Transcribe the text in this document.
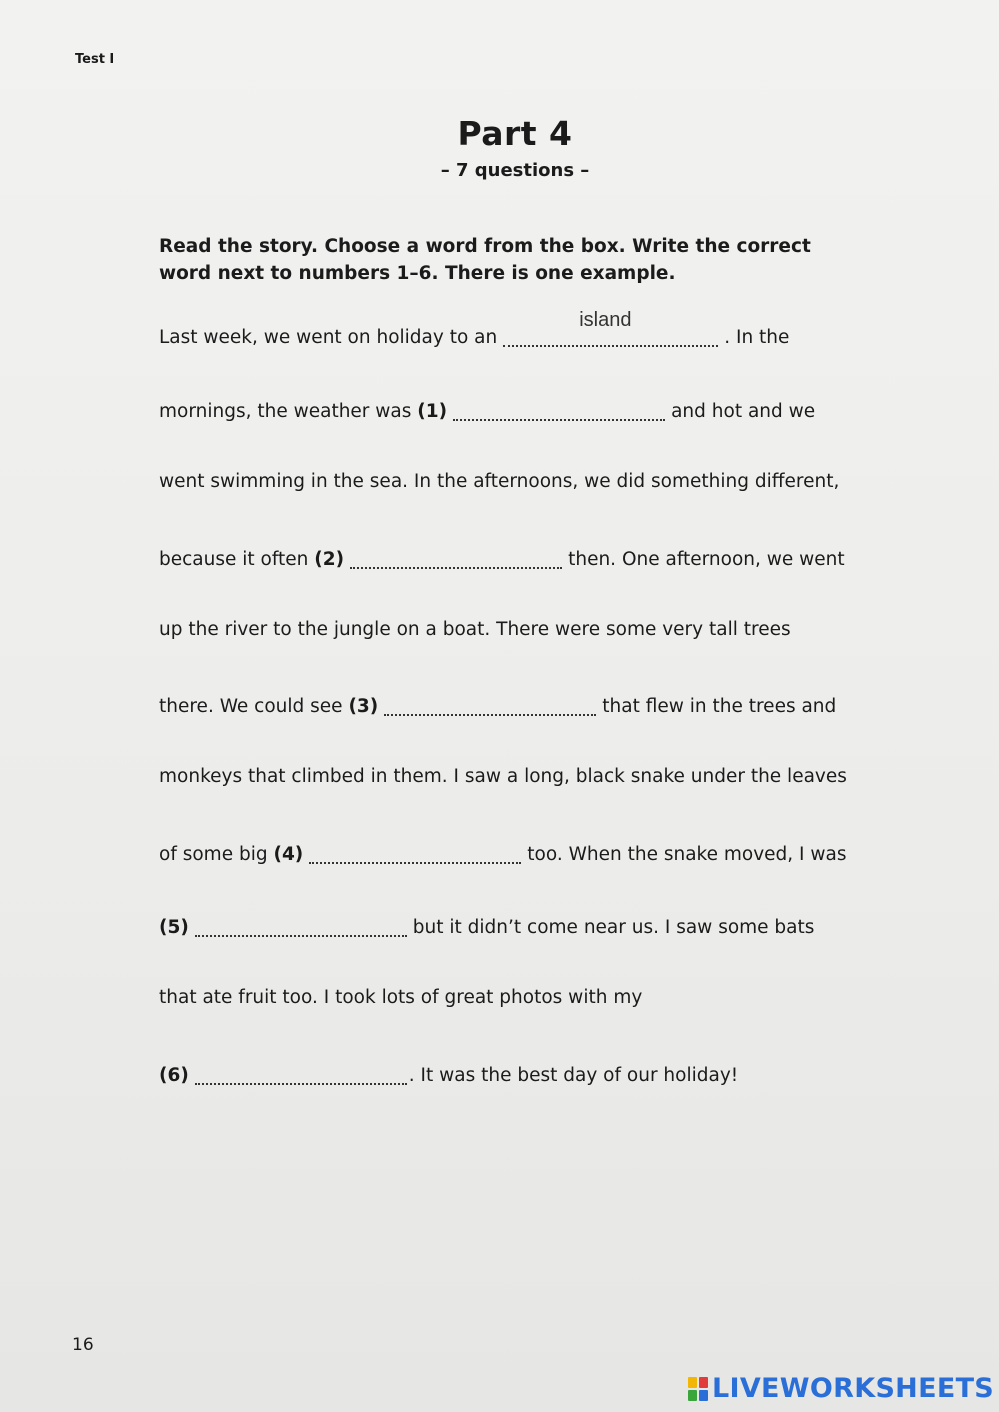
Test I
Part 4
– 7 questions –
Read the story. Choose a word from the box. Write the correct word next to numbers 1–6. There is one example.
Last week, we went on holiday to an
island
. In the
mornings, the weather was (1)	and hot and we
went swimming in the sea. In the afternoons, we did something different,
because it often (2)	then. One afternoon, we went
up the river to the jungle on a boat. There were some very tall trees
there. We could see (3)	that flew in the trees and
monkeys that climbed in them. I saw a long, black snake under the leaves
of some big (4)	too. When the snake moved, I was
(5)	but it didn’t come near us. I saw some bats
that ate fruit too. I took lots of great photos with my
(6)	. It was the best day of our holiday!
16
LIVEWORKSHEETS
